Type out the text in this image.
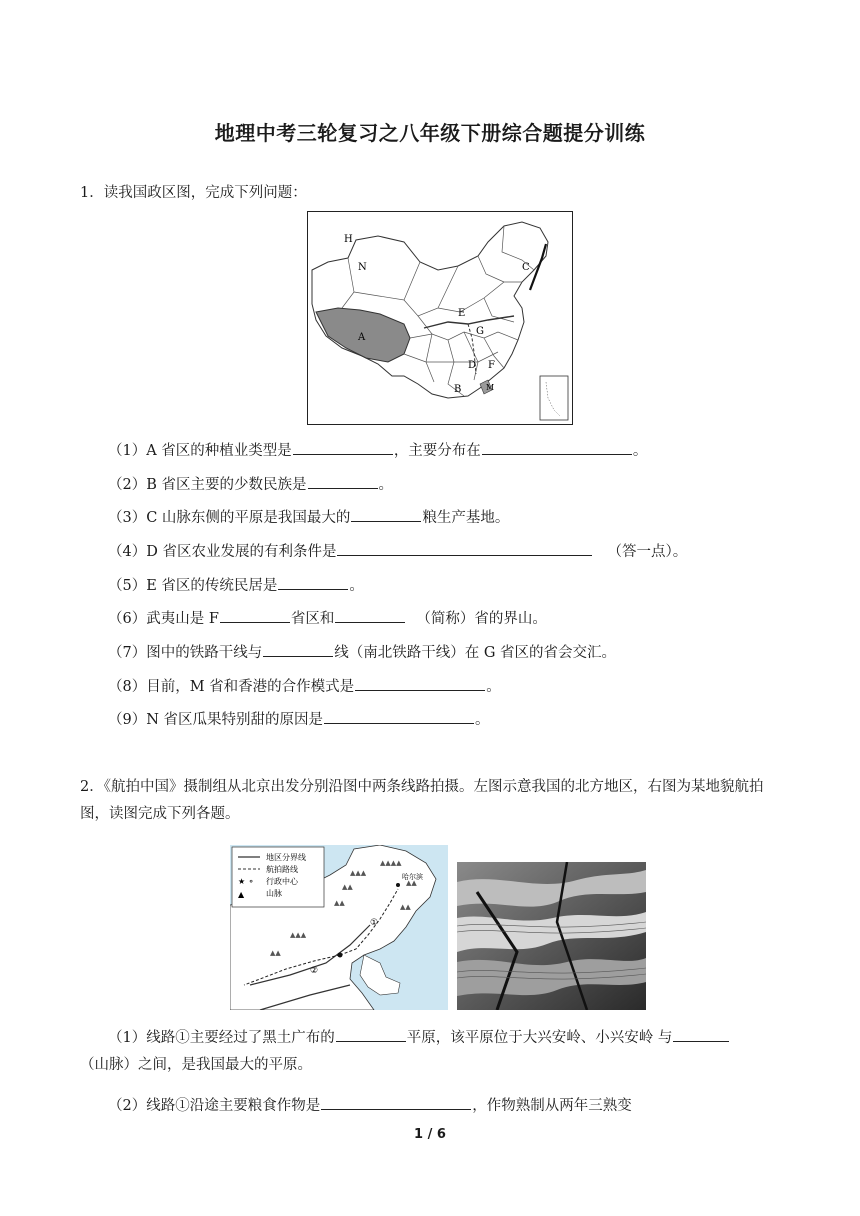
地理中考三轮复习之八年级下册综合题提分训练
1．读我国政区图，完成下列问题：
H
N
A
C
E
G
D F
B	M
（1）A 省区的种植业类型是	，主要分布在	。
（2）B 省区主要的少数民族是	。
（3）C 山脉东侧的平原是我国最大的	粮生产基地。
（4）D 省区农业发展的有利条件是	（答一点）。
（5）E 省区的传统民居是	。
（6）武夷山是 F	省区和	（简称）省的界山。
（7）图中的铁路干线与	线（南北铁路干线）在 G 省区的省会交汇。
（8）目前，M 省和香港的合作模式是	。
（9）N 省区瓜果特别甜的原因是	。
2．《航拍中国》摄制组从北京出发分别沿图中两条线路拍摄。左图示意我国的北方地区，右图为某地貌航拍图，读图完成下列各题。
★ ⚬
▲
地区分界线
航拍路线
行政中心
山脉
▲▲▲
▲▲
▲▲
▲▲▲▲
▲▲
▲▲
▲▲▲
▲▲
哈尔滨
①
②
（1）线路①主要经过了黑土广布的	平原，该平原位于大兴安岭、小兴安岭 与
（山脉）之间，是我国最大的平原。
（2）线路①沿途主要粮食作物是	，作物熟制从两年三熟变
1 / 6
